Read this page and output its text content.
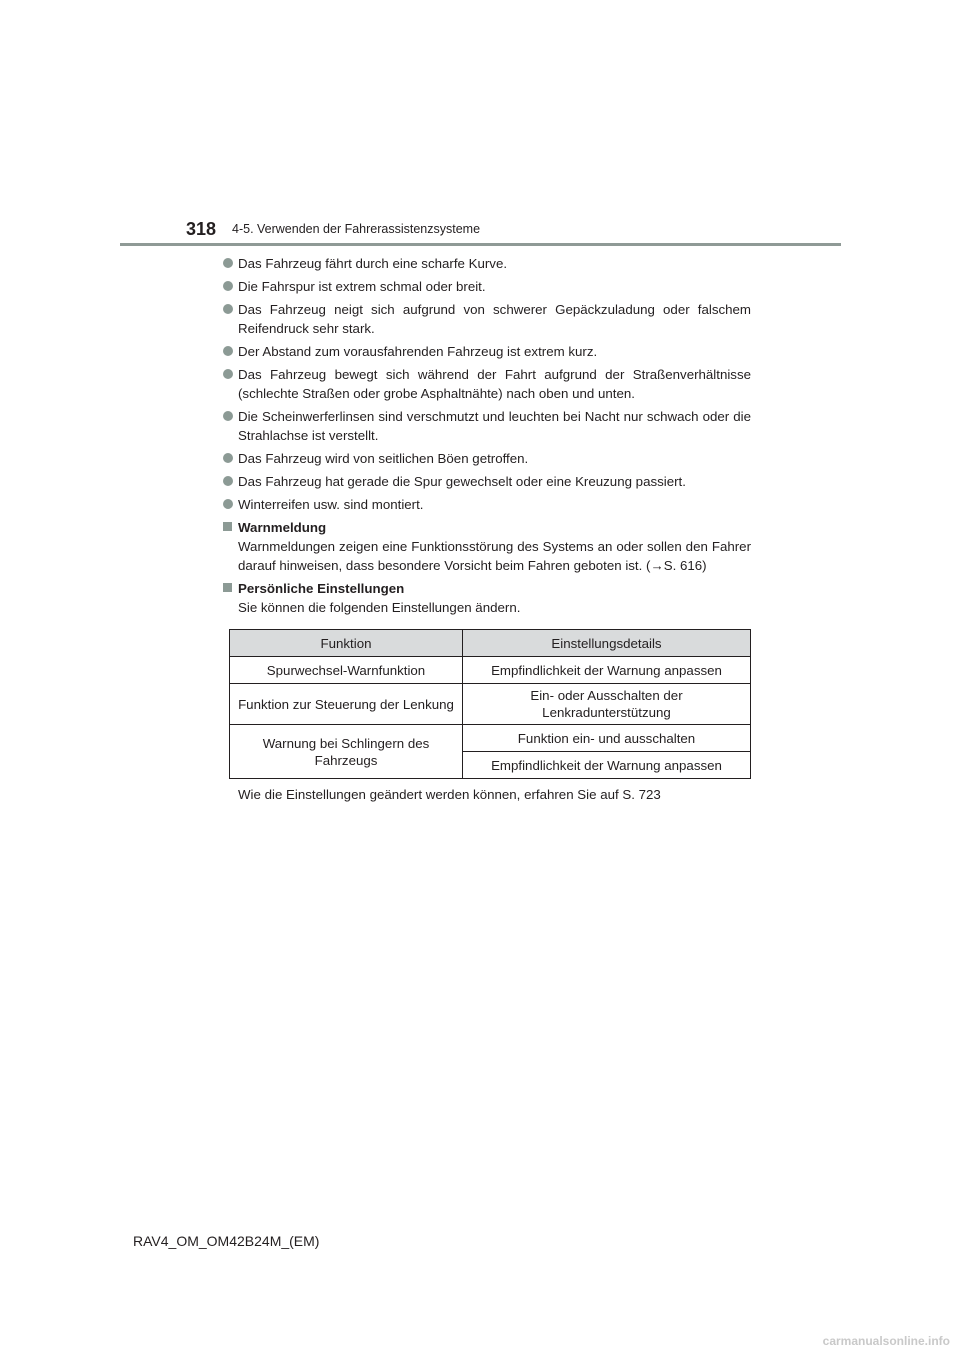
318 4-5. Verwenden der Fahrerassistenzsysteme
Das Fahrzeug fährt durch eine scharfe Kurve.
Die Fahrspur ist extrem schmal oder breit.
Das Fahrzeug neigt sich aufgrund von schwerer Gepäckzuladung oder falschem Reifendruck sehr stark.
Der Abstand zum vorausfahrenden Fahrzeug ist extrem kurz.
Das Fahrzeug bewegt sich während der Fahrt aufgrund der Straßenverhältnisse (schlechte Straßen oder grobe Asphaltnähte) nach oben und unten.
Die Scheinwerferlinsen sind verschmutzt und leuchten bei Nacht nur schwach oder die Strahlachse ist verstellt.
Das Fahrzeug wird von seitlichen Böen getroffen.
Das Fahrzeug hat gerade die Spur gewechselt oder eine Kreuzung passiert.
Winterreifen usw. sind montiert.
Warnmeldung
Warnmeldungen zeigen eine Funktionsstörung des Systems an oder sollen den Fahrer darauf hinweisen, dass besondere Vorsicht beim Fahren geboten ist. (→S. 616)
Persönliche Einstellungen
Sie können die folgenden Einstellungen ändern.
Funktion	Einstellungsdetails
Spurwechsel-Warnfunktion	Empfindlichkeit der Warnung anpassen
Funktion zur Steuerung der Lenkung	Ein- oder Ausschalten der Lenkradunterstützung
Warnung bei Schlingern des Fahrzeugs	Funktion ein- und ausschalten
	Empfindlichkeit der Warnung anpassen
Wie die Einstellungen geändert werden können, erfahren Sie auf S. 723
RAV4_OM_OM42B24M_(EM)
carmanualsonline.info
